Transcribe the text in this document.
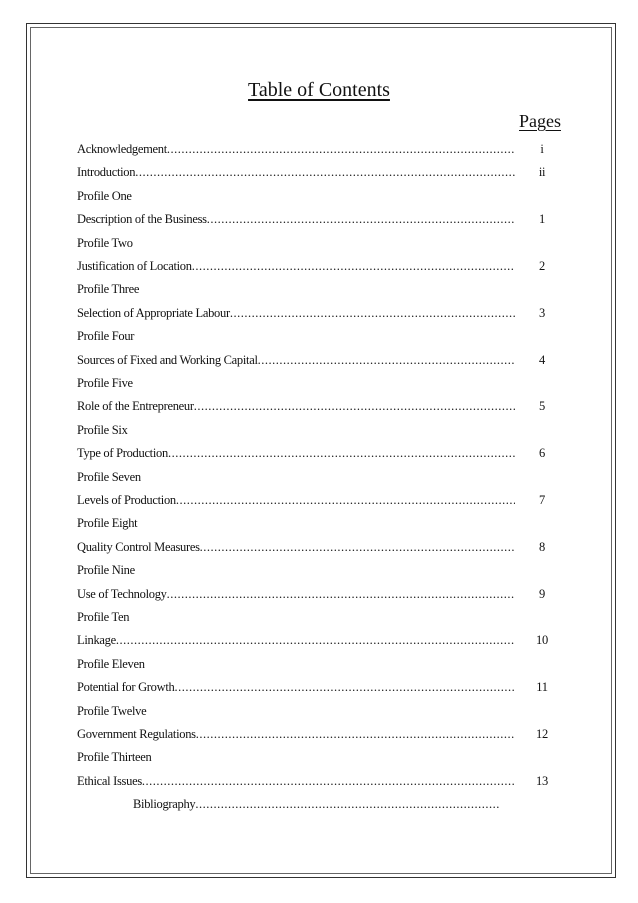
Table of Contents
Pages
Acknowledgement .....	i
Introduction .....	ii
Profile One
Description of the Business .....	1
Profile Two
Justification of Location .....	2
Profile Three
Selection of Appropriate Labour .....	3
Profile Four
Sources of Fixed and Working Capital .....	4
Profile Five
Role of the Entrepreneur .....	5
Profile Six
Type of Production .....	6
Profile Seven
Levels of Production .....	7
Profile Eight
Quality Control Measures .....	8
Profile Nine
Use of Technology .....	9
Profile Ten
Linkage .....	10
Profile Eleven
Potential for Growth .....	11
Profile Twelve
Government Regulations .....	12
Profile Thirteen
Ethical Issues .....	13
Bibliography
.....
